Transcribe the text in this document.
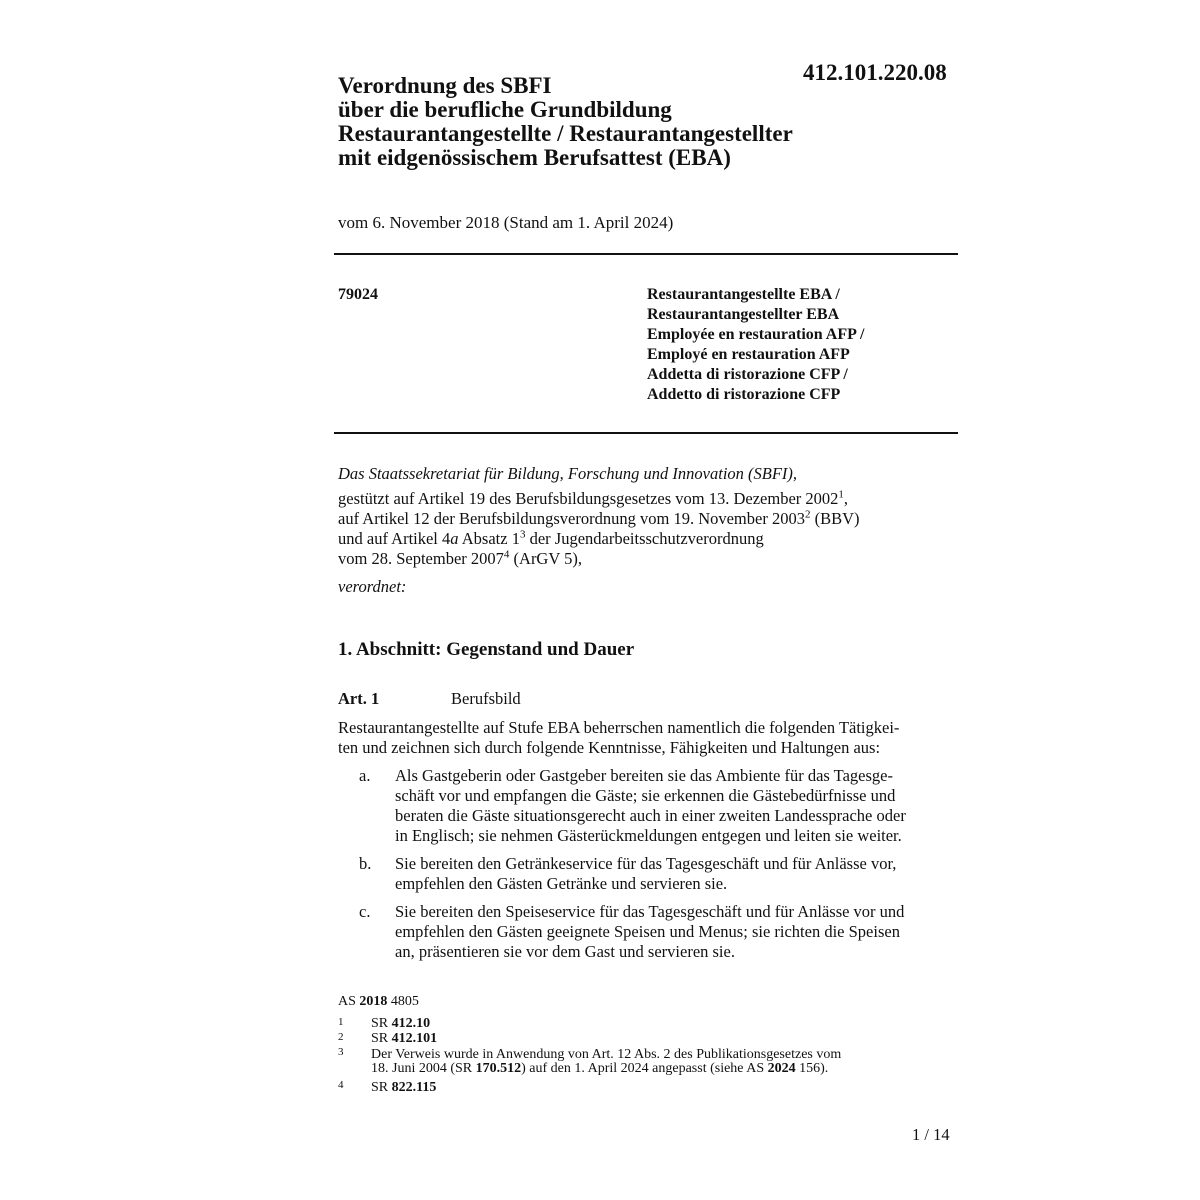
412.101.220.08
Verordnung des SBFI
über die berufliche Grundbildung
Restaurantangestellte / Restaurantangestellter
mit eidgenössischem Berufsattest (EBA)
vom 6. November 2018 (Stand am 1. April 2024)
79024	Restaurantangestellte EBA /
Restaurantangestellter EBA
Employée en restauration AFP /
Employé en restauration AFP
Addetta di ristorazione CFP /
Addetto di ristorazione CFP
Das Staatssekretariat für Bildung, Forschung und Innovation (SBFI),
gestützt auf Artikel 19 des Berufsbildungsgesetzes vom 13. Dezember 2002$^1$,
auf Artikel 12 der Berufsbildungsverordnung vom 19. November 2003$^2$ (BBV)
und auf Artikel 4a Absatz $1^3$ der Jugendarbeitsschutzverordnung
vom 28. September 2007$^4$ (ArGV 5),
verordnet:
1. Abschnitt: Gegenstand und Dauer
Art. 1	Berufsbild
Restaurantangestellte auf Stufe EBA beherrschen namentlich die folgenden Tätigkei-
ten und zeichnen sich durch folgende Kenntnisse, Fähigkeiten und Haltungen aus:
a. Als Gastgeberin oder Gastgeber bereiten sie das Ambiente für das Tagesge-
schäft vor und empfangen die Gäste; sie erkennen die Gästebedürfnisse und
beraten die Gäste situationsgerecht auch in einer zweiten Landessprache oder
in Englisch; sie nehmen Gästerückmeldungen entgegen und leiten sie weiter.
b. Sie bereiten den Getränkeservice für das Tagesgeschäft und für Anlässe vor,
empfehlen den Gästen Getränke und servieren sie.
c. Sie bereiten den Speiseservice für das Tagesgeschäft und für Anlässe vor und
empfehlen den Gästen geeignete Speisen und Menus; sie richten die Speisen
an, präsentieren sie vor dem Gast und servieren sie.
AS 2018 4805
1 SR 412.10
2 SR 412.101
3 Der Verweis wurde in Anwendung von Art. 12 Abs. 2 des Publikationsgesetzes vom
18. Juni 2004 (SR 170.512) auf den 1. April 2024 angepasst (siehe AS 2024 156).
4 SR 822.115
1 / 14
